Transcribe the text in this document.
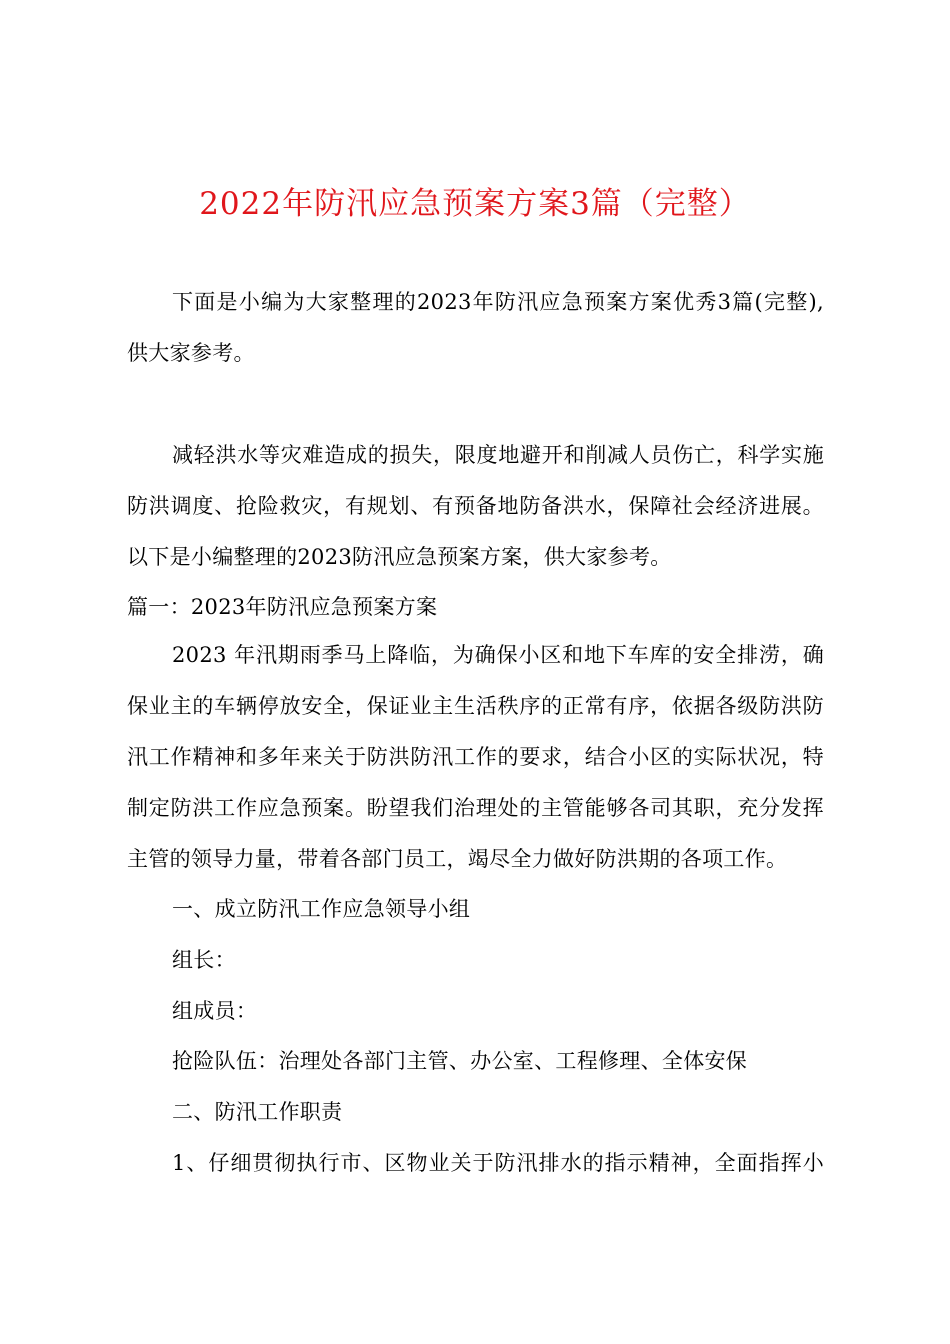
2022年防汛应急预案方案3篇（完整）
下面是小编为大家整理的2023年防汛应急预案方案优秀3篇(完整),
供大家参考。
减轻洪水等灾难造成的损失，限度地避开和削减人员伤亡，科学实施
防洪调度、抢险救灾，有规划、有预备地防备洪水，保障社会经济进展。
以下是小编整理的2023防汛应急预案方案，供大家参考。
篇一：2023年防汛应急预案方案
2023 年汛期雨季马上降临，为确保小区和地下车库的安全排涝，确
保业主的车辆停放安全，保证业主生活秩序的正常有序，依据各级防洪防
汛工作精神和多年来关于防洪防汛工作的要求，结合小区的实际状况，特
制定防洪工作应急预案。盼望我们治理处的主管能够各司其职，充分发挥
主管的领导力量，带着各部门员工，竭尽全力做好防洪期的各项工作。
一、成立防汛工作应急领导小组
组长：
组成员：
抢险队伍：治理处各部门主管、办公室、工程修理、全体安保
二、防汛工作职责
1、仔细贯彻执行市、区物业关于防汛排水的指示精神，全面指挥小
